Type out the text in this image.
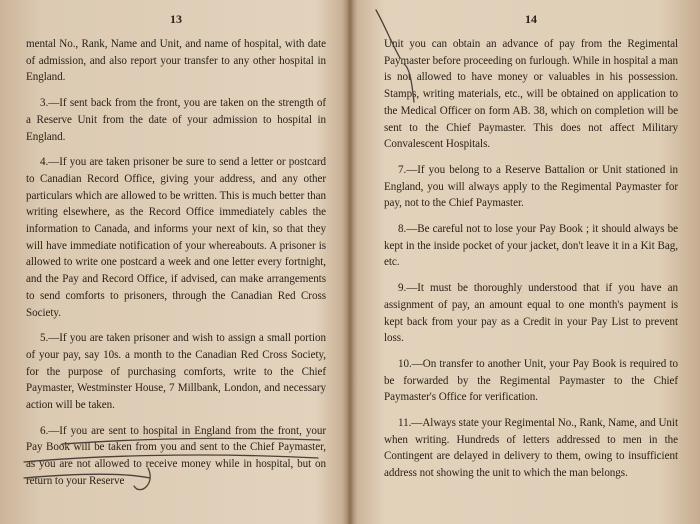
13

mental No., Rank, Name and Unit, and name of hospital, with date of admission, and also report your transfer to any other hospital in England.

3.—If sent back from the front, you are taken on the strength of a Reserve Unit from the date of your admission to hospital in England.

4.—If you are taken prisoner be sure to send a letter or postcard to Canadian Record Office, giving your address, and any other particulars which are allowed to be written. This is much better than writing elsewhere, as the Record Office immediately cables the information to Canada, and informs your next of kin, so that they will have immediate notification of your whereabouts. A prisoner is allowed to write one postcard a week and one letter every fortnight, and the Pay and Record Office, if advised, can make arrangements to send comforts to prisoners, through the Canadian Red Cross Society.

5.—If you are taken prisoner and wish to assign a small portion of your pay, say 10s. a month to the Canadian Red Cross Society, for the purpose of purchasing comforts, write to the Chief Paymaster, Westminster House, 7 Millbank, London, and necessary action will be taken.

6.—If you are sent to hospital in England from the front, your Pay Book will be taken from you and sent to the Chief Paymaster, as you are not allowed to receive money while in hospital, but on return to your Reserve

14

Unit you can obtain an advance of pay from the Regimental Paymaster before proceeding on furlough. While in hospital a man is not allowed to have money or valuables in his possession. Stamps, writing materials, etc., will be obtained on application to the Medical Officer on form AB. 38, which on completion will be sent to the Chief Paymaster. This does not affect Military Convalescent Hospitals.

7.—If you belong to a Reserve Battalion or Unit stationed in England, you will always apply to the Regimental Paymaster for pay, not to the Chief Paymaster.

8.—Be careful not to lose your Pay Book ; it should always be kept in the inside pocket of your jacket, don't leave it in a Kit Bag, etc.

9.—It must be thoroughly understood that if you have an assignment of pay, an amount equal to one month's payment is kept back from your pay as a Credit in your Pay List to prevent loss.

10.—On transfer to another Unit, your Pay Book is required to be forwarded by the Regimental Paymaster to the Chief Paymaster's Office for verification.

11.—Always state your Regimental No., Rank, Name, and Unit when writing. Hundreds of letters addressed to men in the Contingent are delayed in delivery to them, owing to insufficient address not showing the unit to which the man belongs.
